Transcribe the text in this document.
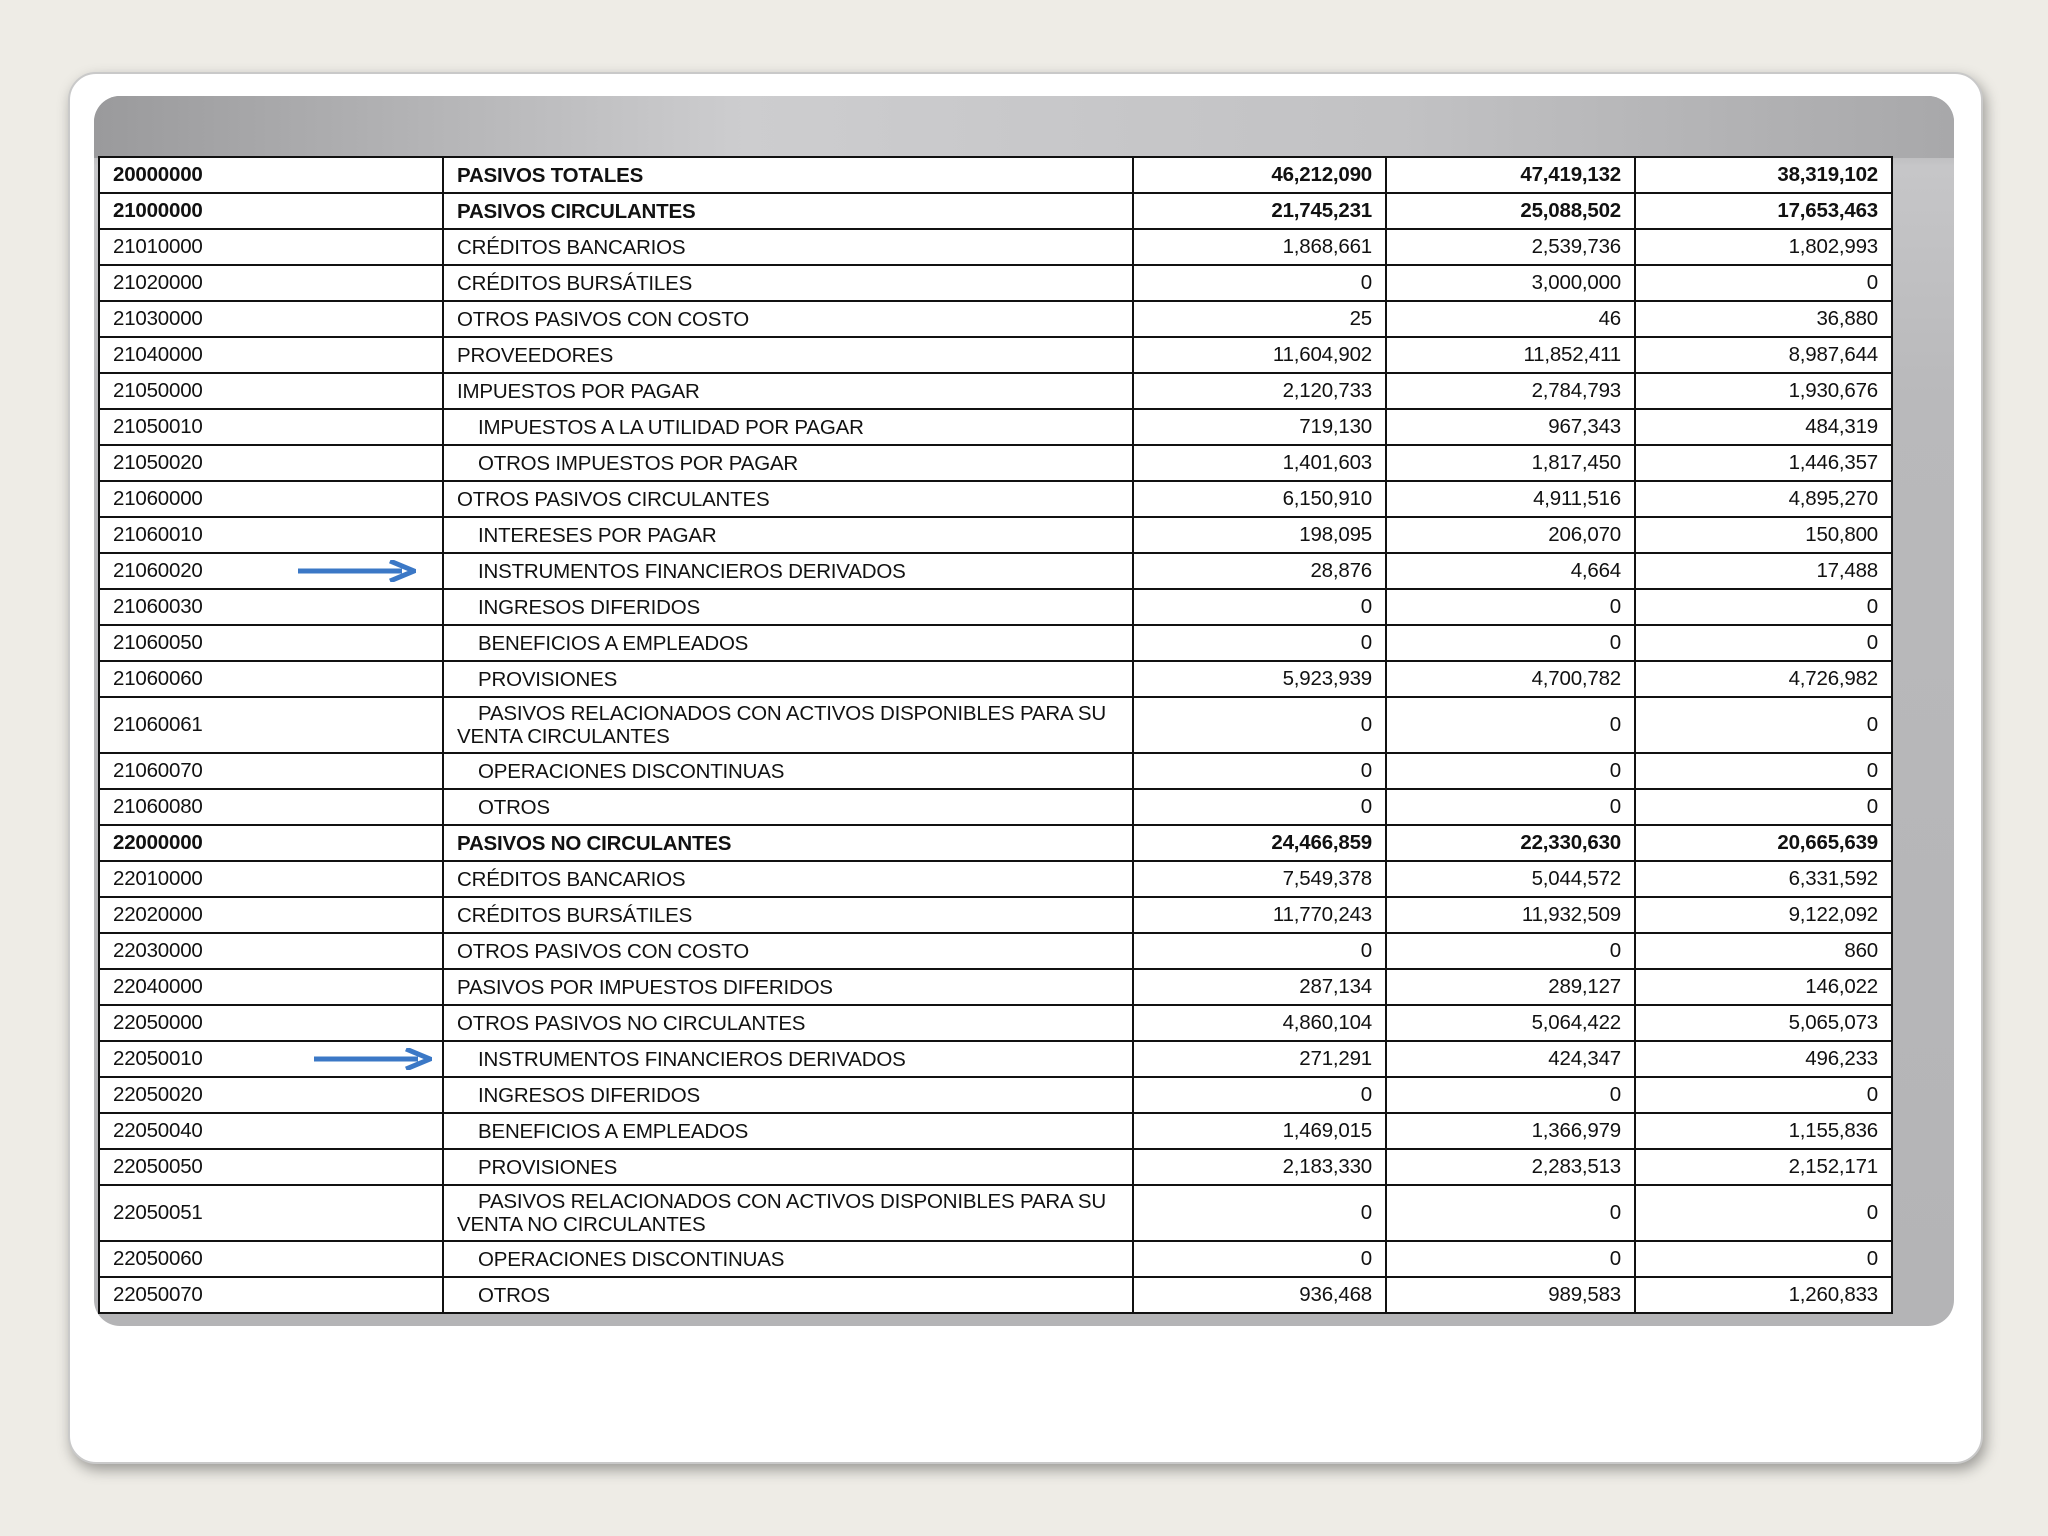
20000000	PASIVOS TOTALES	46,212,090	47,419,132	38,319,102
21000000	PASIVOS CIRCULANTES	21,745,231	25,088,502	17,653,463
21010000	CRÉDITOS BANCARIOS	1,868,661	2,539,736	1,802,993
21020000	CRÉDITOS BURSÁTILES	0	3,000,000	0
21030000	OTROS PASIVOS CON COSTO	25	46	36,880
21040000	PROVEEDORES	11,604,902	11,852,411	8,987,644
21050000	IMPUESTOS POR PAGAR	2,120,733	2,784,793	1,930,676
21050010	IMPUESTOS A LA UTILIDAD POR PAGAR	719,130	967,343	484,319
21050020	OTROS IMPUESTOS POR PAGAR	1,401,603	1,817,450	1,446,357
21060000	OTROS PASIVOS CIRCULANTES	6,150,910	4,911,516	4,895,270
21060010	INTERESES POR PAGAR	198,095	206,070	150,800
21060020	INSTRUMENTOS FINANCIEROS DERIVADOS	28,876	4,664	17,488
21060030	INGRESOS DIFERIDOS	0	0	0
21060050	BENEFICIOS A EMPLEADOS	0	0	0
21060060	PROVISIONES	5,923,939	4,700,782	4,726,982
21060061	PASIVOS RELACIONADOS CON ACTIVOS DISPONIBLES PARA SU
VENTA CIRCULANTES	0	0	0
21060070	OPERACIONES DISCONTINUAS	0	0	0
21060080	OTROS	0	0	0
22000000	PASIVOS NO CIRCULANTES	24,466,859	22,330,630	20,665,639
22010000	CRÉDITOS BANCARIOS	7,549,378	5,044,572	6,331,592
22020000	CRÉDITOS BURSÁTILES	11,770,243	11,932,509	9,122,092
22030000	OTROS PASIVOS CON COSTO	0	0	860
22040000	PASIVOS POR IMPUESTOS DIFERIDOS	287,134	289,127	146,022
22050000	OTROS PASIVOS NO CIRCULANTES	4,860,104	5,064,422	5,065,073
22050010	INSTRUMENTOS FINANCIEROS DERIVADOS	271,291	424,347	496,233
22050020	INGRESOS DIFERIDOS	0	0	0
22050040	BENEFICIOS A EMPLEADOS	1,469,015	1,366,979	1,155,836
22050050	PROVISIONES	2,183,330	2,283,513	2,152,171
22050051	PASIVOS RELACIONADOS CON ACTIVOS DISPONIBLES PARA SU
VENTA NO CIRCULANTES	0	0	0
22050060	OPERACIONES DISCONTINUAS	0	0	0
22050070	OTROS	936,468	989,583	1,260,833
